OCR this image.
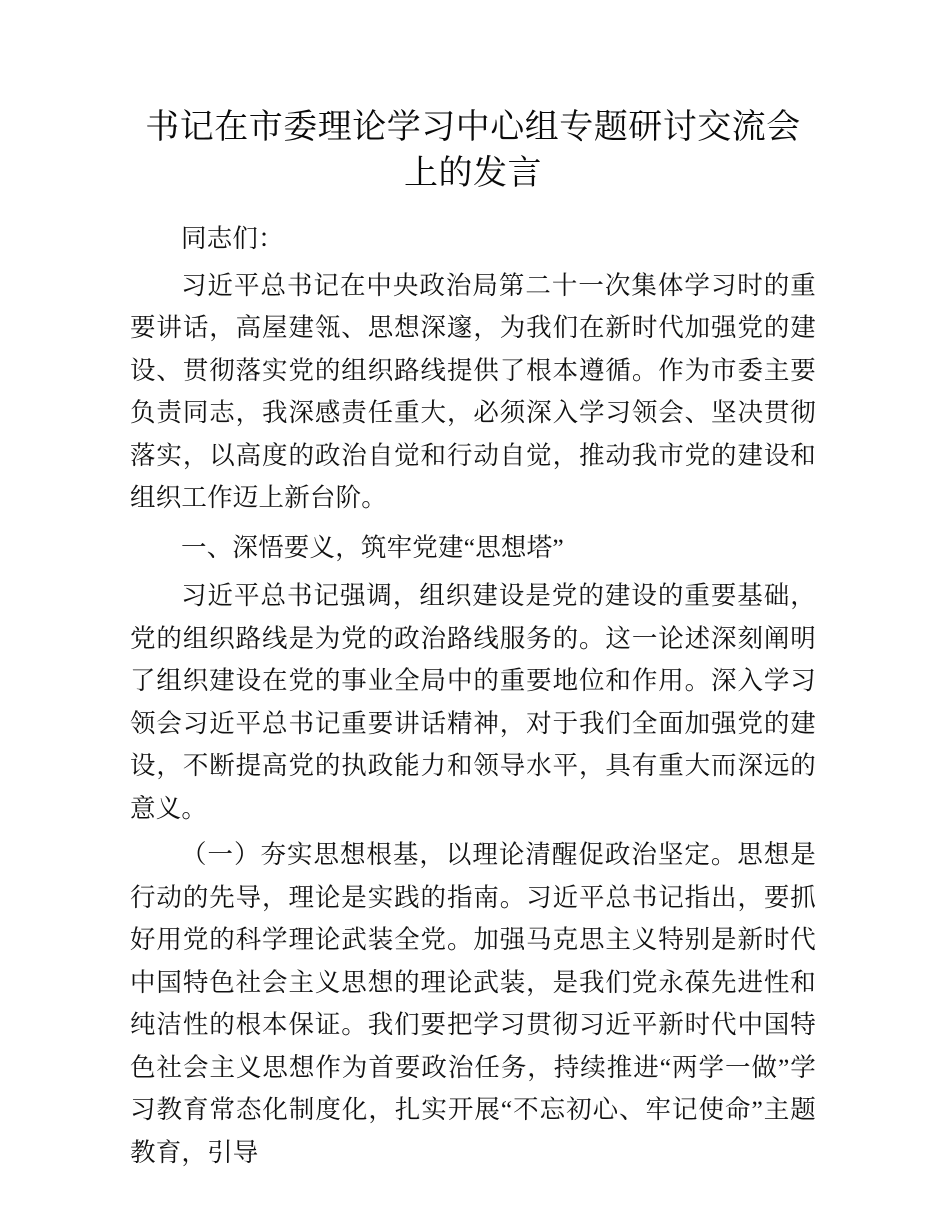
书记在市委理论学习中心组专题研讨交流会上的发言

同志们：

习近平总书记在中央政治局第二十一次集体学习时的重要讲话，高屋建瓴、思想深邃，为我们在新时代加强党的建设、贯彻落实党的组织路线提供了根本遵循。作为市委主要负责同志，我深感责任重大，必须深入学习领会、坚决贯彻落实，以高度的政治自觉和行动自觉，推动我市党的建设和组织工作迈上新台阶。

一、深悟要义，筑牢党建“思想塔”

习近平总书记强调，组织建设是党的建设的重要基础，党的组织路线是为党的政治路线服务的。这一论述深刻阐明了组织建设在党的事业全局中的重要地位和作用。深入学习领会习近平总书记重要讲话精神，对于我们全面加强党的建设，不断提高党的执政能力和领导水平，具有重大而深远的意义。

（一）夯实思想根基，以理论清醒促政治坚定。思想是行动的先导，理论是实践的指南。习近平总书记指出，要抓好用党的科学理论武装全党。加强马克思主义特别是新时代中国特色社会主义思想的理论武装，是我们党永葆先进性和纯洁性的根本保证。我们要把学习贯彻习近平新时代中国特色社会主义思想作为首要政治任务，持续推进“两学一做”学习教育常态化制度化，扎实开展“不忘初心、牢记使命”主题教育，引导
